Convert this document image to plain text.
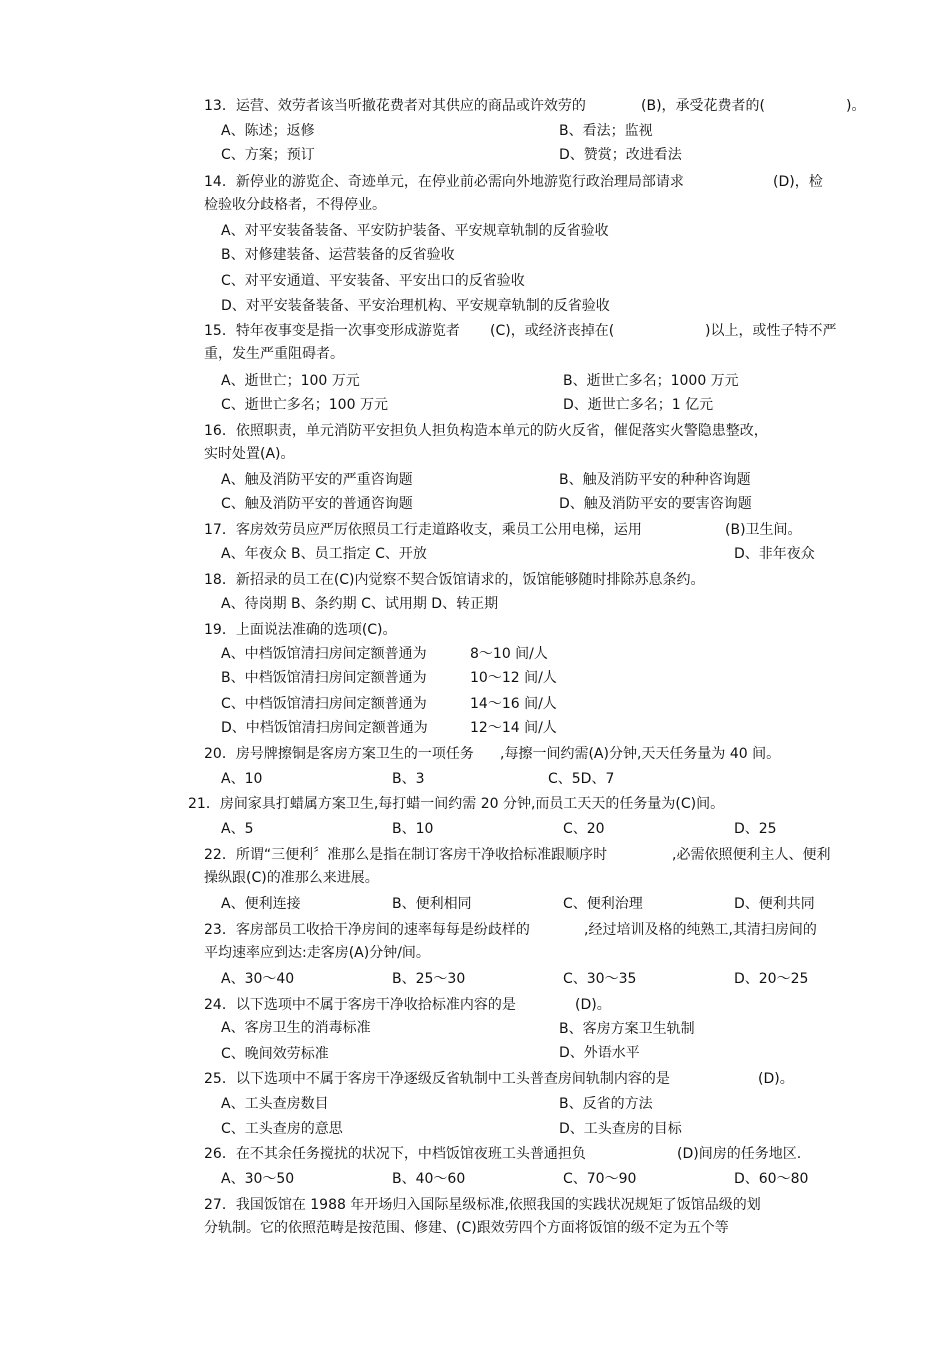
13．运营、效劳者该当听撤花费者对其供应的商品或许效劳的	(B)，承受花费者的(	)。
A、陈述；返修	B、看法；监视
C、方案；预订	D、赞赏；改进看法
14．新停业的游览企、奇迹单元，在停业前必需向外地游览行政治理局部请求	(D)，检
检验收分歧格者，不得停业。
A、对平安装备装备、平安防护装备、平安规章轨制的反省验收
B、对修建装备、运营装备的反省验收
C、对平安通道、平安装备、平安出口的反省验收
D、对平安装备装备、平安治理机构、平安规章轨制的反省验收
15．特年夜事变是指一次事变形成游览者 (C)，或经济丧掉在(	)以上，或性子特不严
重，发生严重阻碍者。
A、逝世亡；100 万元	B、逝世亡多名；1000 万元
C、逝世亡多名；100 万元	D、逝世亡多名；1 亿元
16．依照职责，单元消防平安担负人担负构造本单元的防火反省，催促落实火警隐患整改，
实时处置(A)。
A、触及消防平安的严重咨询题	B、触及消防平安的种种咨询题
C、触及消防平安的普通咨询题	D、触及消防平安的要害咨询题
17．客房效劳员应严厉依照员工行走道路收支，乘员工公用电梯，运用	(B)卫生间。
A、年夜众 B、员工指定 C、开放	D、非年夜众
18．新招录的员工在(C)内觉察不契合饭馆请求的，饭馆能够随时排除苏息条约。
A、待岗期 B、条约期 C、试用期 D、转正期
19．上面说法准确的选项(C)。
A、中档饭馆清扫房间定额普通为	8～10 间/人
B、中档饭馆清扫房间定额普通为	10～12 间/人
C、中档饭馆清扫房间定额普通为	14～16 间/人
D、中档饭馆清扫房间定额普通为	12～14 间/人
20．房号牌擦铜是客房方案卫生的一项任务 ,每擦一间约需(A)分钟,天天任务量为 40 间。
A、10	B、3	C、5D、7
21．房间家具打蜡属方案卫生,每打蜡一间约需 20 分钟,而员工天天的任务量为(C)间。
A、5	B、10	C、20	D、25
22．所谓“三便利〞准那么是指在制订客房干净收拾标准跟顺序时	,必需依照便利主人、便利
操纵跟(C)的准那么来进展。
A、便利连接	B、便利相同	C、便利治理	D、便利共同
23．客房部员工收拾干净房间的速率每每是纷歧样的	,经过培训及格的纯熟工,其清扫房间的
平均速率应到达:走客房(A)分钟/间。
A、30～40	B、25～30	C、30～35	D、20～25
24．以下选项中不属于客房干净收拾标准内容的是	(D)。
A、客房卫生的消毒标准	B、客房方案卫生轨制
C、晚间效劳标准	D、外语水平
25．以下选项中不属于客房干净逐级反省轨制中工头普查房间轨制内容的是	(D)。
A、工头查房数目	B、反省的方法
C、工头查房的意思	D、工头查房的目标
26．在不其余任务搅扰的状况下，中档饭馆夜班工头普通担负	(D)间房的任务地区.
A、30～50	B、40～60	C、70～90	D、60～80
27．我国饭馆在 1988 年开场归入国际星级标准,依照我国的实践状况规矩了饭馆品级的划
分轨制。它的依照范畴是按范围、修建、(C)跟效劳四个方面将饭馆的级不定为五个等
